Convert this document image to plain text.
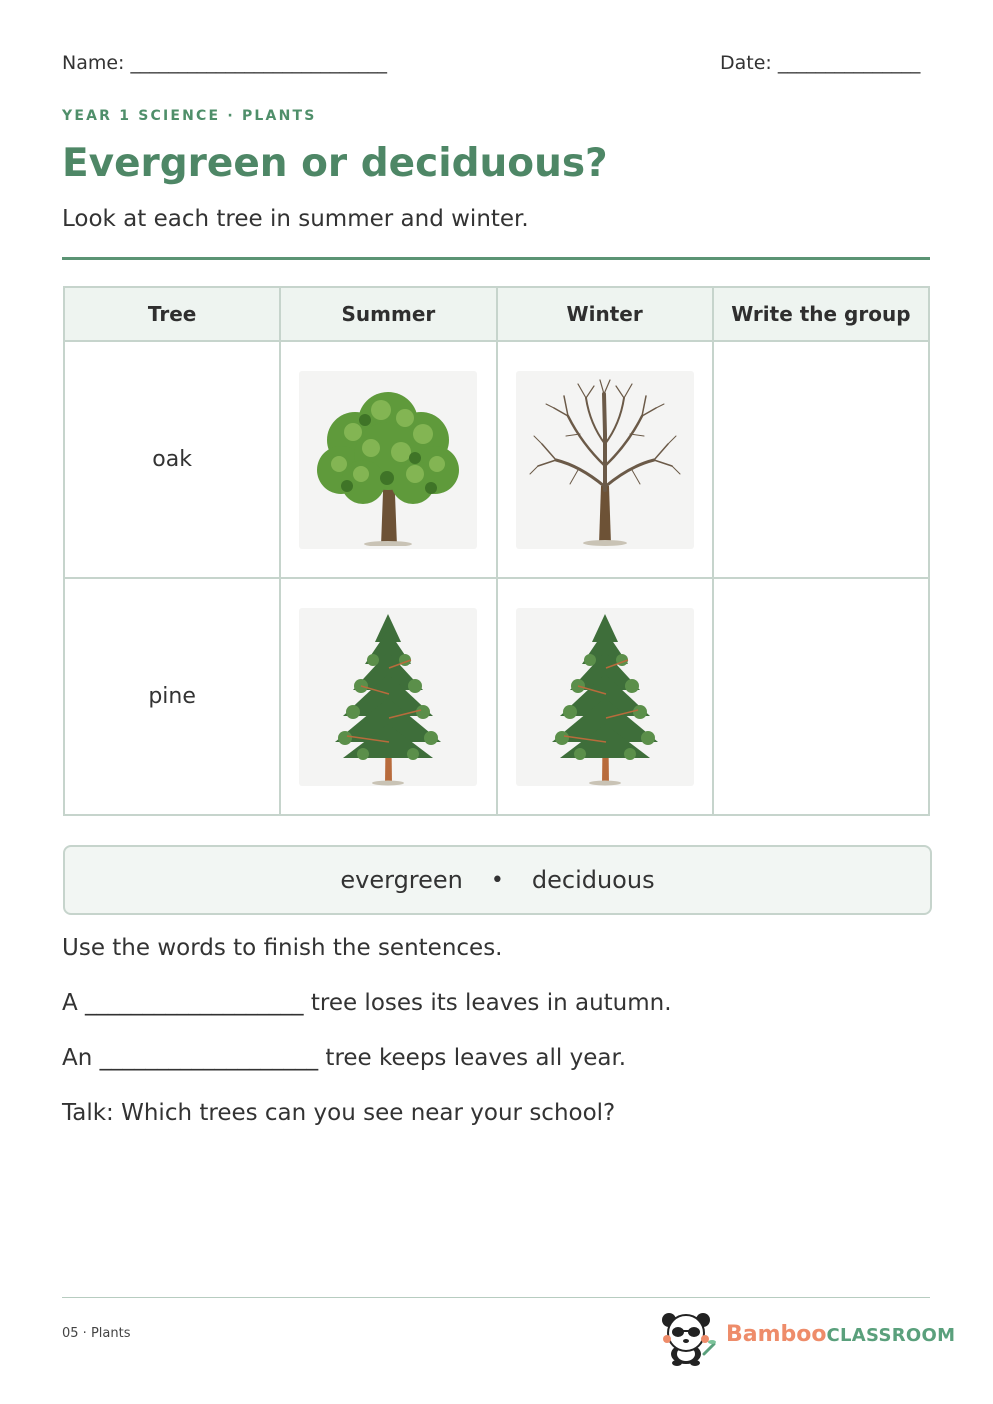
Name: ___________________________	Date: _______________
YEAR 1 SCIENCE · PLANTS
Evergreen or deciduous?
Look at each tree in summer and winter.
Tree	Summer	Winter	Write the group
oak	

pine	

evergreen • deciduous
Use the words to finish the sentences.
A ___________________ tree loses its leaves in autumn.
An ___________________ tree keeps leaves all year.
Talk: Which trees can you see near your school?
05 · Plants	BambooCLASSROOM
